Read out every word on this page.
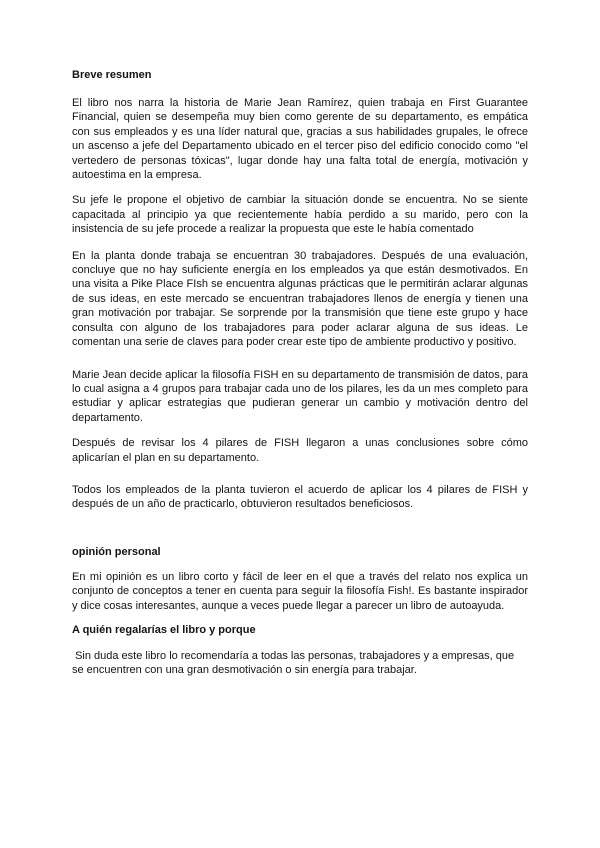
Breve resumen

El libro nos narra la historia de Marie Jean Ramírez, quien trabaja en First Guarantee Financial, quien se desempeña muy bien como gerente de su departamento, es empática con sus empleados y es una líder natural que, gracias a sus habilidades grupales, le ofrece un ascenso a jefe del Departamento ubicado en el tercer piso del edificio conocido como "el vertedero de personas tóxicas", lugar donde hay una falta total de energía, motivación y autoestima en la empresa.

Su jefe le propone el objetivo de cambiar la situación donde se encuentra. No se siente capacitada al principio ya que recientemente había perdido a su marido, pero con la insistencia de su jefe procede a realizar la propuesta que este le había comentado

En la planta donde trabaja se encuentran 30 trabajadores. Después de una evaluación, concluye que no hay suficiente energía en los empleados ya que están desmotivados. En una visita a Pike Place FIsh se encuentra algunas prácticas que le permitirán aclarar algunas de sus ideas, en este mercado se encuentran trabajadores llenos de energía y tienen una gran motivación por trabajar. Se sorprende por la transmisión que tiene este grupo y hace consulta con alguno de los trabajadores para poder aclarar alguna de sus ideas. Le comentan una serie de claves para poder crear este tipo de ambiente productivo y positivo.

Marie Jean decide aplicar la filosofía FISH en su departamento de transmisión de datos, para lo cual asigna a 4 grupos para trabajar cada uno de los pilares, les da un mes completo para estudiar y aplicar estrategias que pudieran generar un cambio y motivación dentro del departamento.

Después de revisar los 4 pilares de FISH llegaron a unas conclusiones sobre cómo aplicarían el plan en su departamento.

Todos los empleados de la planta tuvieron el acuerdo de aplicar los 4 pilares de FISH y después de un año de practicarlo, obtuvieron resultados beneficiosos.

opinión personal

En mi opinión es un libro corto y fácil de leer en el que a través del relato nos explica un conjunto de conceptos a tener en cuenta para seguir la filosofía Fish!. Es bastante inspirador y dice cosas interesantes, aunque a veces puede llegar a parecer un libro de autoayuda.

A quién regalarías el libro y porque

Sin duda este libro lo recomendaría a todas las personas, trabajadores y a empresas, que se encuentren con una gran desmotivación o sin energía para trabajar.
